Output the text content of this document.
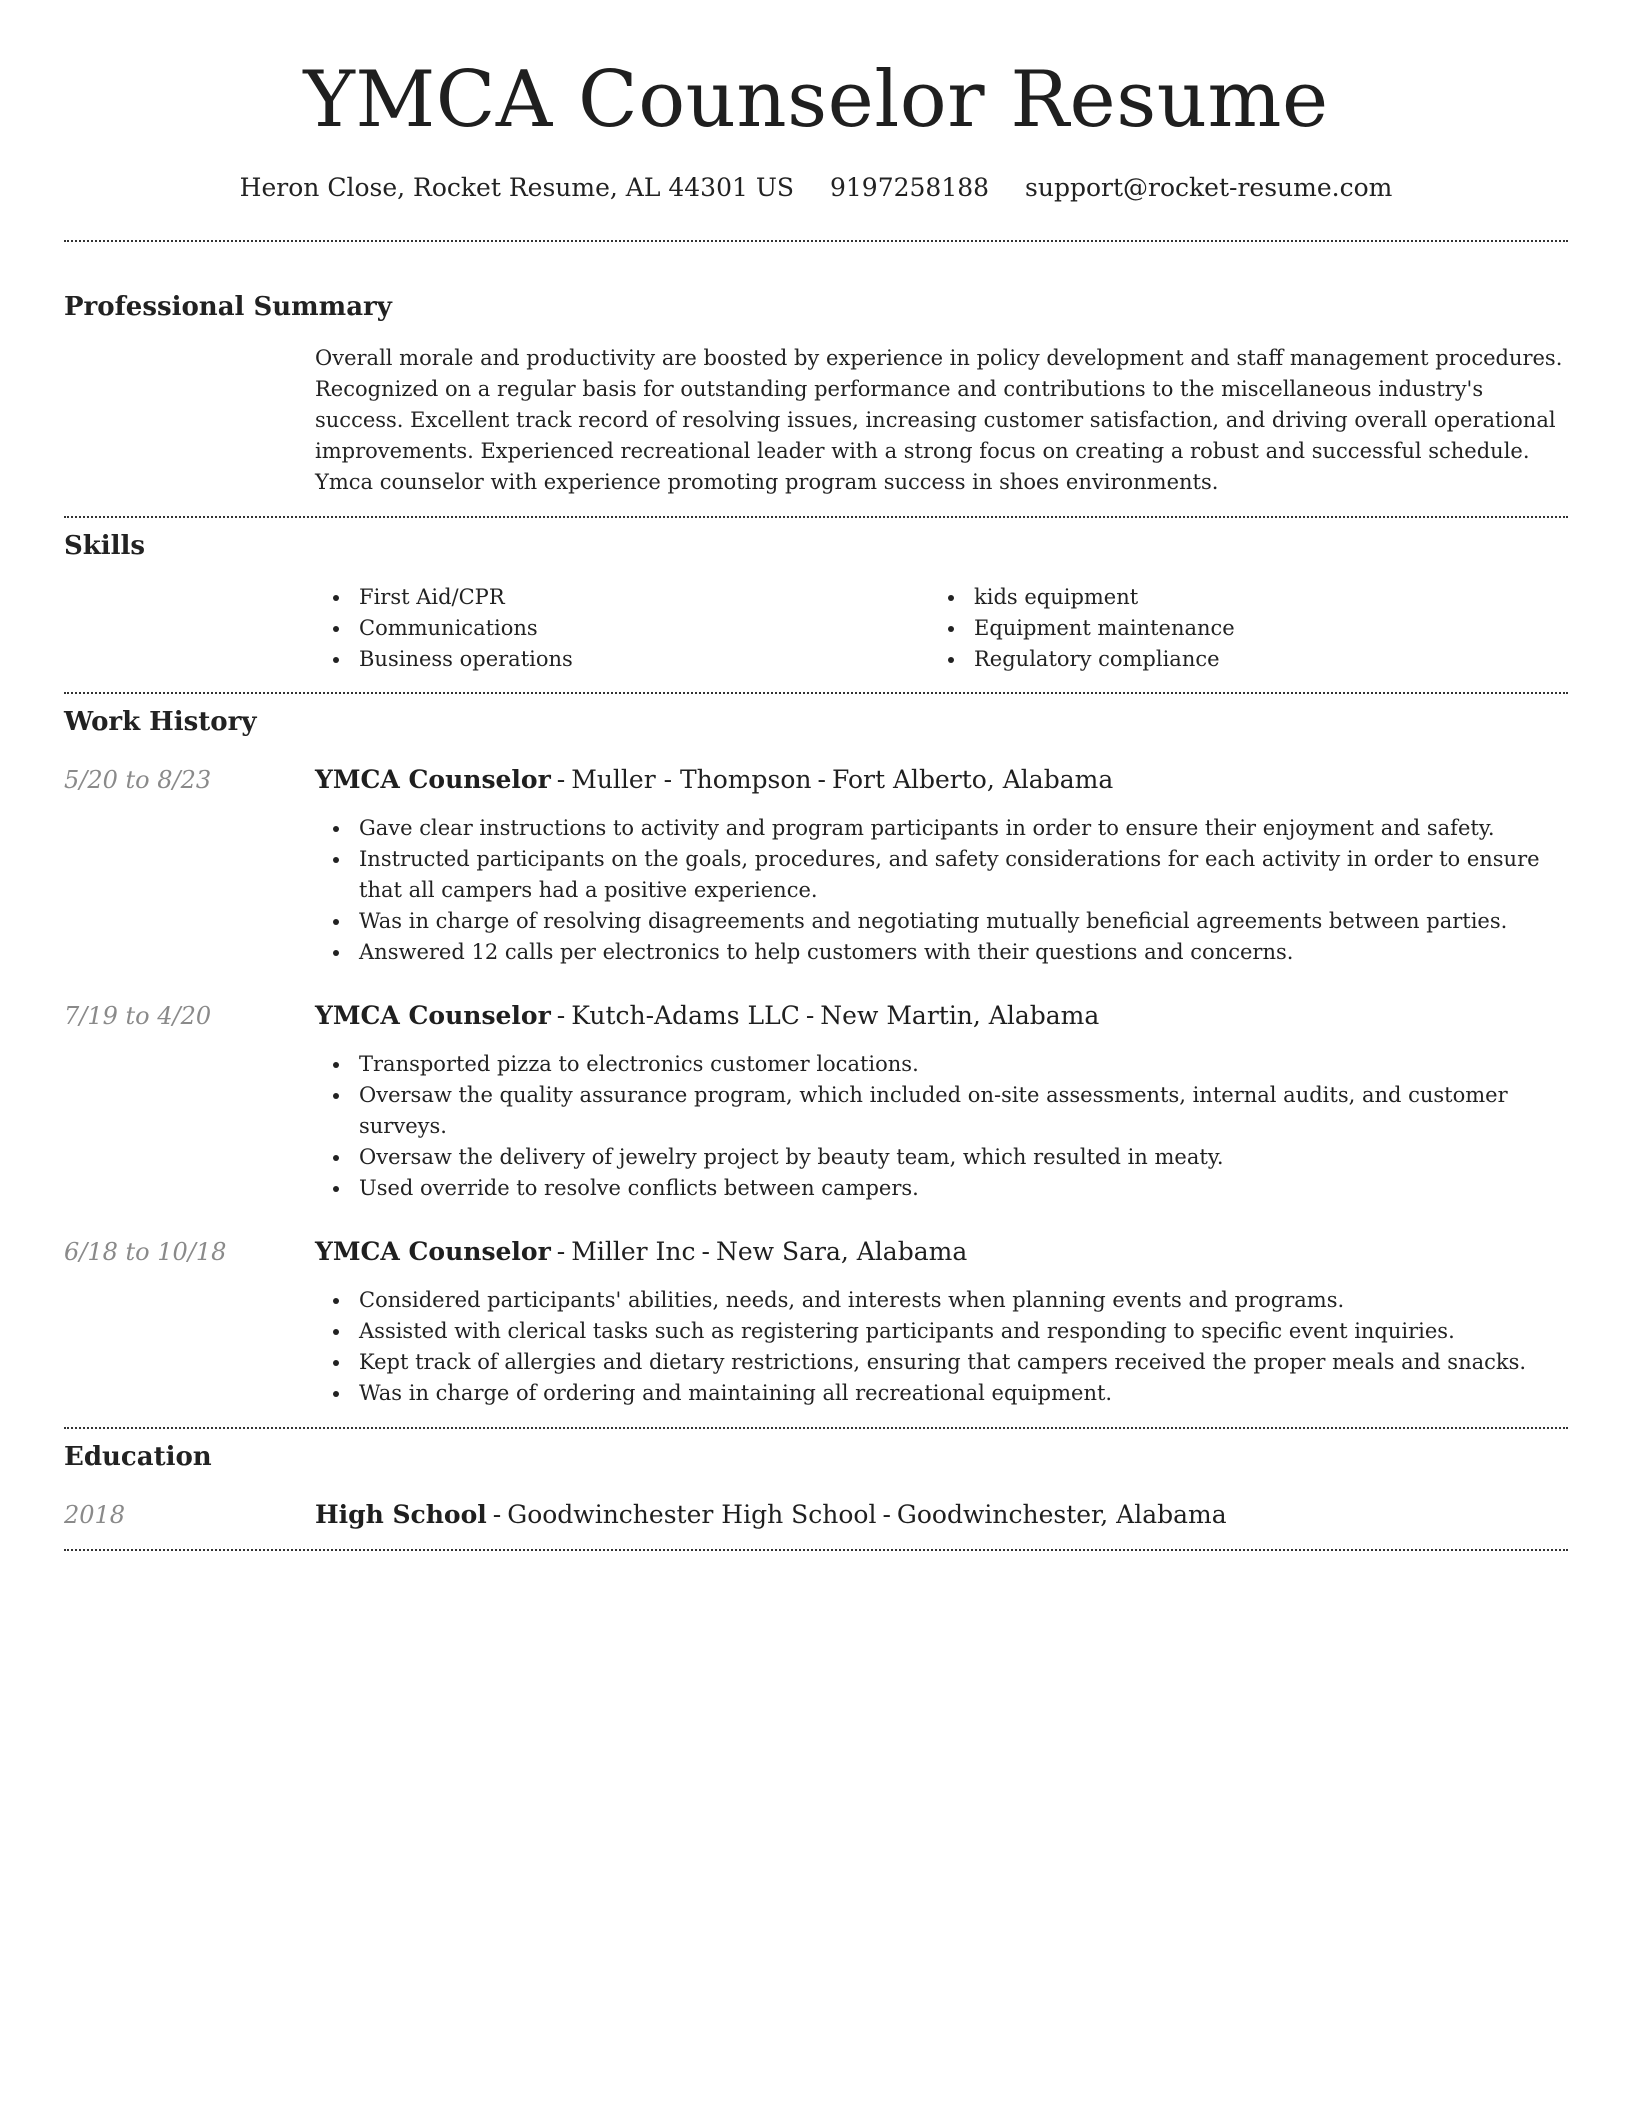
YMCA Counselor Resume
Heron Close, Rocket Resume, AL 44301 US 9197258188 support@rocket-resume.com
Professional Summary

Overall morale and productivity are boosted by experience in policy development and staff management procedures. Recognized on a regular basis for outstanding performance and contributions to the miscellaneous industry's success. Excellent track record of resolving issues, increasing customer satisfaction, and driving overall operational improvements. Experienced recreational leader with a strong focus on creating a robust and successful schedule. Ymca counselor with experience promoting program success in shoes environments.

Skills
First Aid/CPR
Communications
Business operations
kids equipment
Equipment maintenance
Regulatory compliance
Work History
5/20 to 8/23	YMCA Counselor - Muller - Thompson - Fort Alberto, Alabama
Gave clear instructions to activity and program participants in order to ensure their enjoyment and safety.
Instructed participants on the goals, procedures, and safety considerations for each activity in order to ensure that all campers had a positive experience.
Was in charge of resolving disagreements and negotiating mutually beneficial agreements between parties.
Answered 12 calls per electronics to help customers with their questions and concerns.
7/19 to 4/20	YMCA Counselor - Kutch-Adams LLC - New Martin, Alabama
Transported pizza to electronics customer locations.
Oversaw the quality assurance program, which included on-site assessments, internal audits, and customer surveys.
Oversaw the delivery of jewelry project by beauty team, which resulted in meaty.
Used override to resolve conflicts between campers.
6/18 to 10/18	YMCA Counselor - Miller Inc - New Sara, Alabama
Considered participants' abilities, needs, and interests when planning events and programs.
Assisted with clerical tasks such as registering participants and responding to specific event inquiries.
Kept track of allergies and dietary restrictions, ensuring that campers received the proper meals and snacks.
Was in charge of ordering and maintaining all recreational equipment.
Education
2018	High School - Goodwinchester High School - Goodwinchester, Alabama
